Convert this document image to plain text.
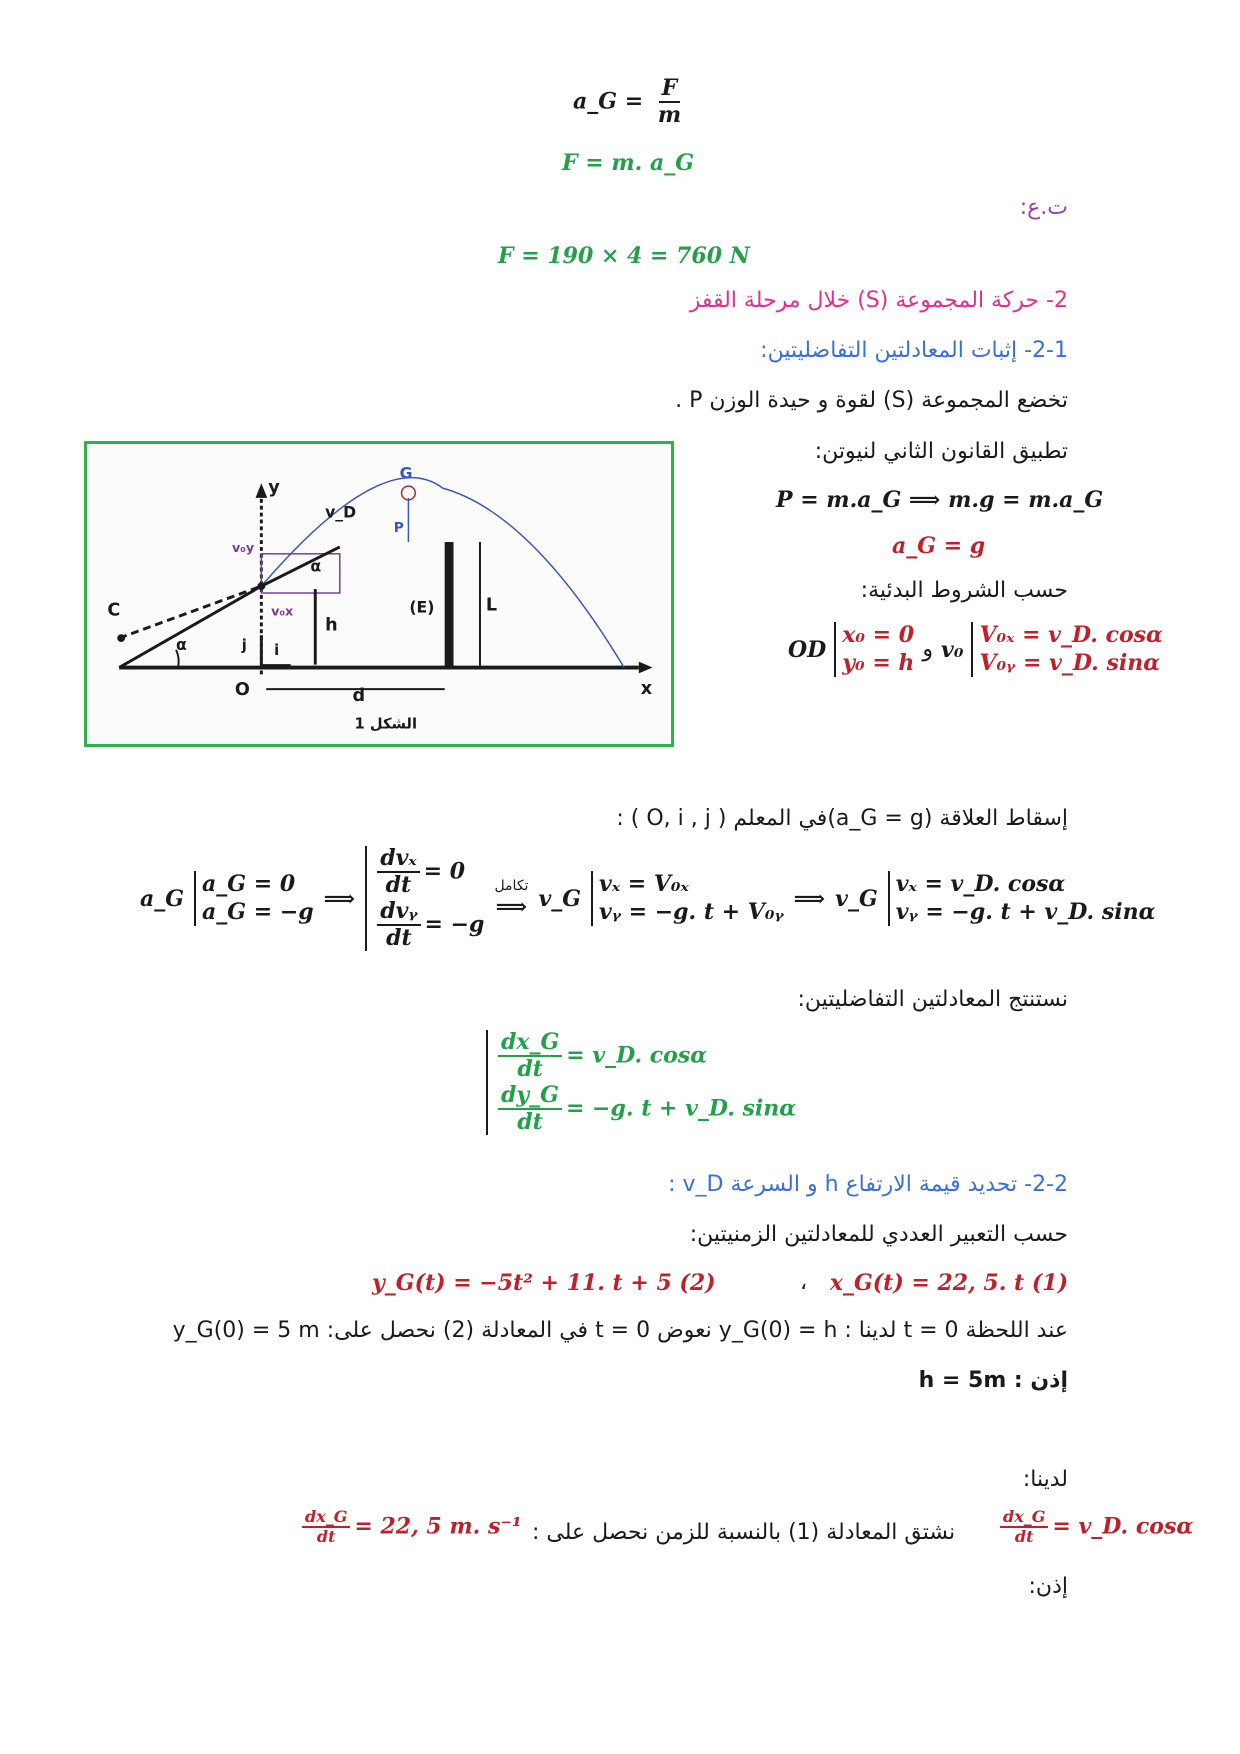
a_G = $\frac{F}{m}$
F = m. a_G
ت.ع:
F = 190 × 4 = 760 N
2- حركة المجموعة (S) خلال مرحلة القفز
2-1- إثبات المعادلتين التفاضليتين:
تخضع المجموعة (S) لقوة و حيدة الوزن P .
تطبيق القانون الثاني لنيوتن:
P = m.a_G ⟹ m.g = m.a_G
a_G = g
حسب الشروط البدئية:
OD
x₀ = 0
y₀ = h و v₀
V₀ₓ = v_D. cosα
V₀ᵧ = v_D. sinα
C
y
x
O	d
h
L
(E)
G
α
α
v_D
P
v₀y
v₀x
i
j
الشكل 1
إسقاط العلاقة (a_G = g)في المعلم ( O, i , j ) :
a_G
a_G = 0
a_G = −g ⟹ $\frac{\text{dvₓ}}{dt} = 0$
$\frac{\text{dvᵧ}}{dt} = -g$
تكامل
⟹ v_G
vₓ = V₀ₓ
vᵧ = −g. t + V₀ᵧ ⟹ v_G
vₓ = v_D. cosα
vᵧ = −g. t + v_D. sinα
نستنتج المعادلتين التفاضليتين:
$\frac{dx\_G}{dt}$ = v_D. cosα
$\frac{dy\_G}{dt} = -g$. t + v_D. sinα
2-2- تحديد قيمة الارتفاع h و السرعة v_D :
حسب التعبير العددي للمعادلتين الزمنيتين:
y_G(t) = −5t² + 11. t + 5 (2)	، x_G(t) = 22, 5. t (1)
عند اللحظة t = 0 لدينا : y_G(0) = h نعوض t = 0 في المعادلة (2) نحصل على: y_G(0) = 5 m
إذن : h = 5m
لدينا:
$\frac{dx\_G}{dt} = 22$, 5 m. s⁻¹ نشتق المعادلة (1) بالنسبة للزمن نحصل على :	$\frac{dx\_G}{dt}$ = v_D. cosα
إذن:
